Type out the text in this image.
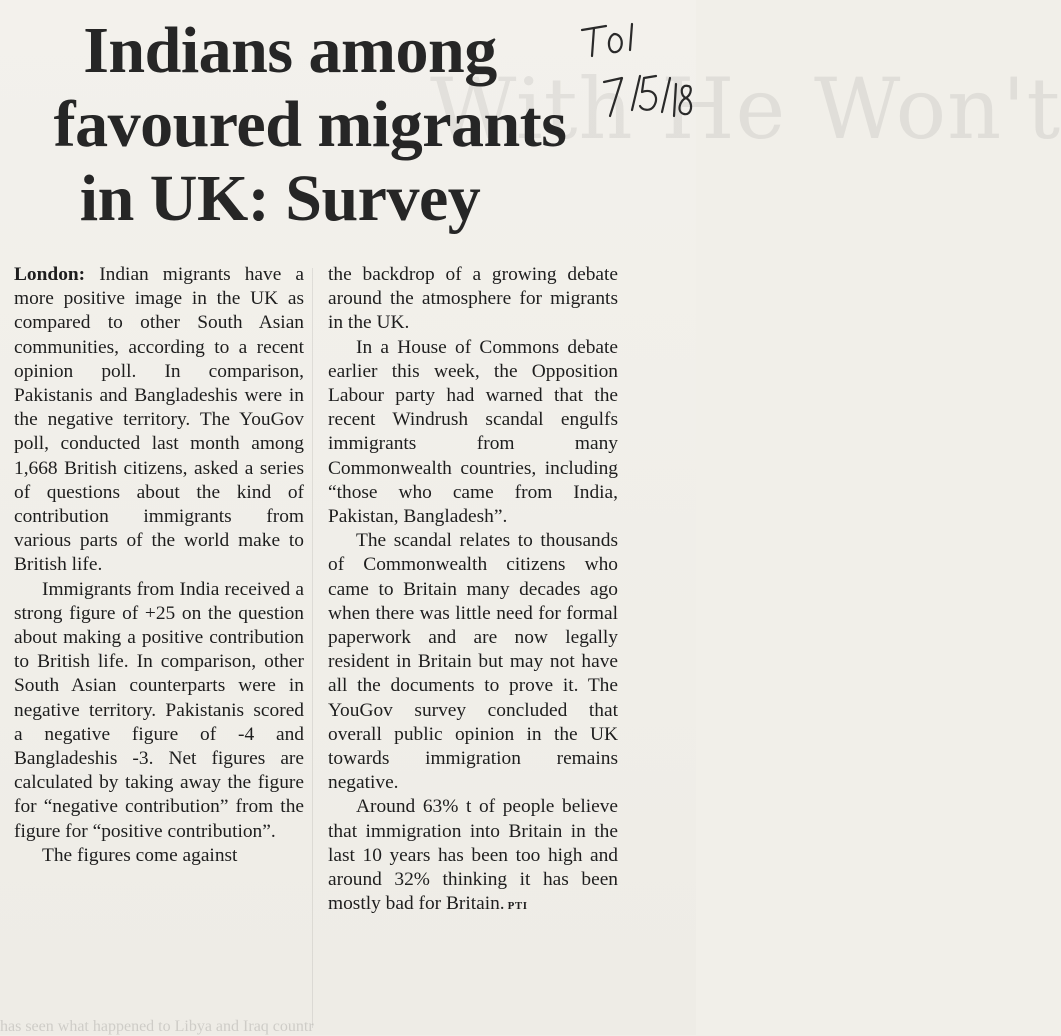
With He Won't
Indians among
favoured migrants
in UK: Survey

London: Indian migrants have a more positive image in the UK as compared to other South Asian communities, according to a recent opinion poll. In comparison, Pakistanis and Bangladeshis were in the negative territory. The YouGov poll, conducted last month among 1,668 British citizens, asked a series of questions about the kind of contribution immigrants from various parts of the world make to British life.

Immigrants from India received a strong figure of +25 on the question about making a positive contribution to British life. In comparison, other South Asian counterparts were in negative territory. Pakistanis scored a negative figure of -4 and Bangladeshis -3. Net figures are calculated by taking away the figure for “negative contribution” from the figure for “positive contribution”.

The figures come against

the backdrop of a growing debate around the atmosphere for migrants in the UK.

In a House of Commons debate earlier this week, the Opposition Labour party had warned that the recent Windrush scandal engulfs immigrants from many Commonwealth countries, including “those who came from India, Pakistan, Bangladesh”.

The scandal relates to thousands of Commonwealth citizens who came to Britain many decades ago when there was little need for formal paperwork and are now legally resident in Britain but may not have all the documents to prove it. The YouGov survey concluded that overall public opinion in the UK towards immigration remains negative.

Around 63% t of people believe that immigration into Britain in the last 10 years has been too high and around 32% thinking it has been mostly bad for Britain. PTI

has seen what happened to Libya and Iraq countr
